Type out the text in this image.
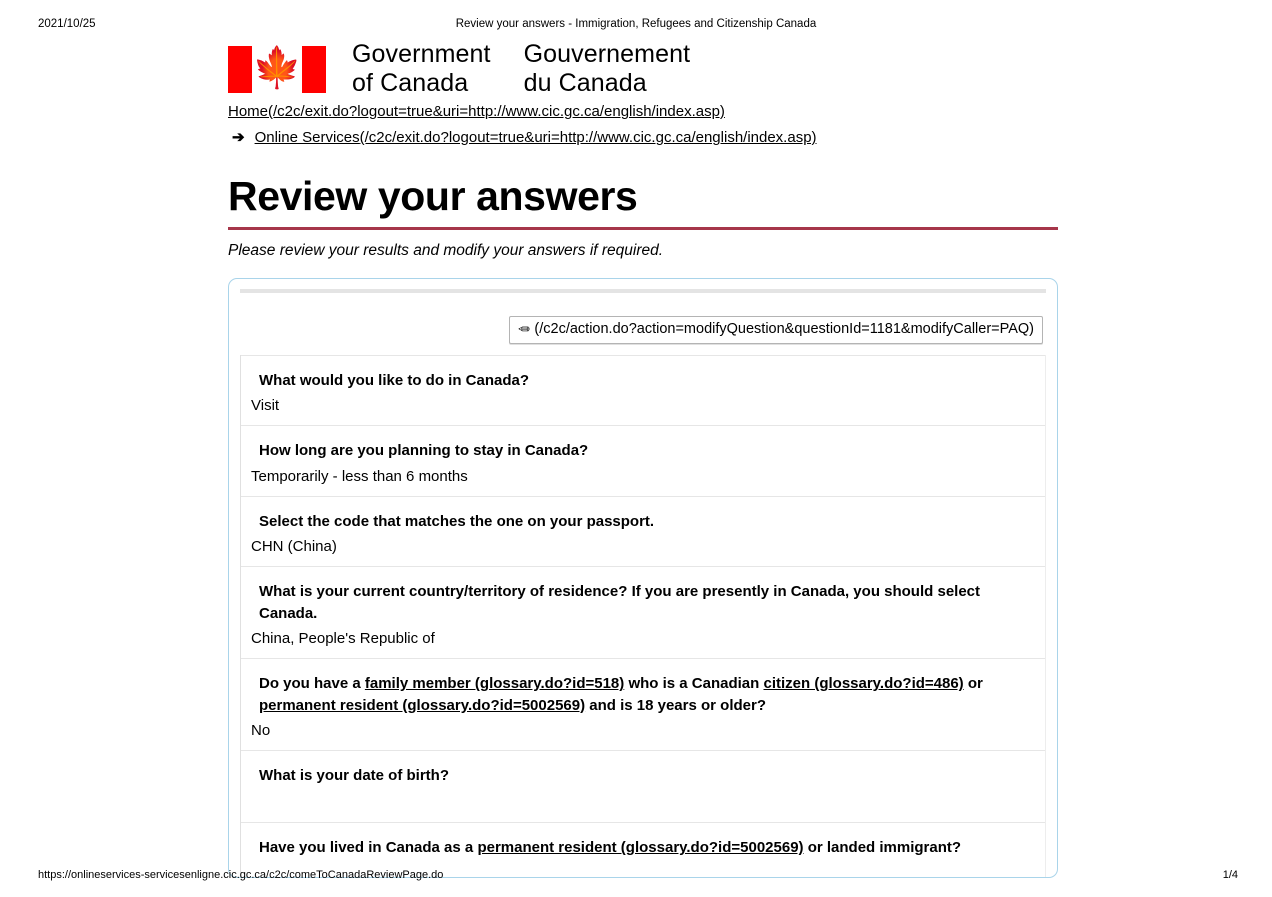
2021/10/25	Review your answers - Immigration, Refugees and Citizenship Canada
🍁 Government
of Canada
Gouvernement
du Canada
Home(/c2c/exit.do?logout=true&uri=http://www.cic.gc.ca/english/index.asp)
➔ Online Services(/c2c/exit.do?logout=true&uri=http://www.cic.gc.ca/english/index.asp)
Review your answers
Please review your results and modify your answers if required.
✏ (/c2c/action.do?action=modifyQuestion&questionId=1181&modifyCaller=PAQ)
What would you like to do in Canada?
Visit
How long are you planning to stay in Canada?
Temporarily - less than 6 months
Select the code that matches the one on your passport.
CHN (China)
What is your current country/territory of residence? If you are presently in Canada, you should select Canada.
China, People's Republic of
Do you have a family member (glossary.do?id=518) who is a Canadian citizen (glossary.do?id=486) or permanent resident (glossary.do?id=5002569) and is 18 years or older?
No
What is your date of birth?
Have you lived in Canada as a permanent resident (glossary.do?id=5002569) or landed immigrant?
https://onlineservices-servicesenligne.cic.gc.ca/c2c/comeToCanadaReviewPage.do	1/4
